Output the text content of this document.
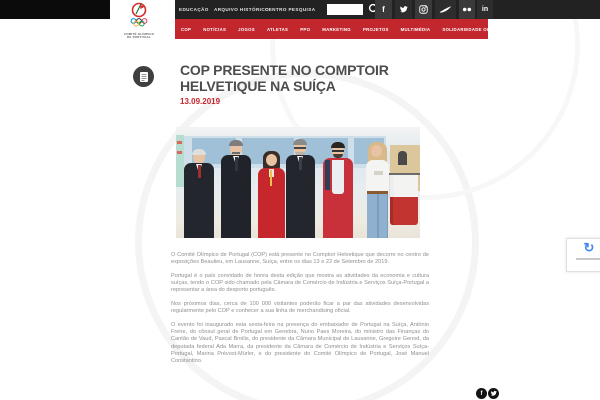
COMITÉ OLÍMPICO
DE PORTUGAL
EDUCAÇÃO ARQUIVO HISTÓRICO
CENTRO PESQUISA	f	in
COP	NOTÍCIAS	JOGOS	ATLETAS	PPO	MARKETING	PROJETOS	MULTIMÉDIA	SOLIDARIEDADE OLÍMPICA
COP PRESENTE NO COMPTOIR HELVETIQUE NA SUÍÇA
13.09.2019

O Comité Olímpico de Portugal (COP) está presente no Comptoir Helvetique que decorre no centro de exposições Beaulieu, em Lausanne, Suíça, entre os dias 13 e 22 de Setembro de 2019.

Portugal é o país convidado de honra desta edição que mostra as atividades da economia e cultura suíças, tendo o COP sido chamado pela Câmara de Comércio de Indústria e Serviços Suíça-Portugal a representar a área do desporto português.

Nos próximos dias, cerca de 100 000 visitantes poderão ficar a par das atividades desenvolvidas regularmente pelo COP e conhecer a sua linha de merchandising oficial.

O evento foi inaugurado esta sexta-feira na presença do embaixador de Portugal na Suíça, António Freire, do cônsul geral de Portugal em Genebra, Nuno Paes Moreira, do ministro das Finanças do Cantão de Vaud, Pascal Broilis, do presidente da Câmara Municipal de Lausanne, Gregoire Genod, da deputada federal Ada Marra, da presidente da Câmara de Comércio de Indústria e Serviços Suíça-Portugal, Marina Prévost-Mürler, e do presidente do Comité Olímpico de Portugal, José Manuel Constantino.

f
↻
